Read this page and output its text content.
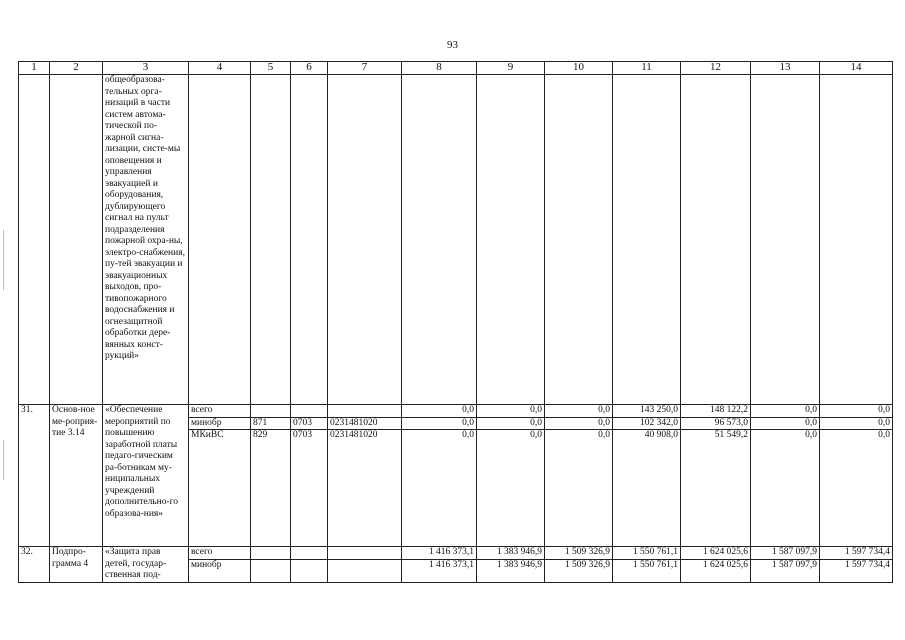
93
1	2	3	4	5	6	7	8	9	10	11	12	13	14
		общеобразова-тельных орга-низаций в части систем автома-тической по-жарной сигна-лизации, систе-мы оповещения и управления эвакуацией и оборудования, дублирующего сигнал на пульт подразделения пожарной охра-ны, электро-снабжения, пу-тей эвакуации и эвакуационных выходов, про-тивопожарного водоснабжения и огнезащитной обработки дере-вянных конст-рукций»											
31.	Основ-ное ме-роприя-тие 3.14	«Обеспечение мероприятий по повышению заработной платы педаго-гическим ра-ботникам му-ниципальных учреждений дополнительно-го образова-ния»	всего				0,0	0,0	0,0	143 250,0	148 122,2	0,0	0,0
			минобр	871	0703	0231481020	0,0	0,0	0,0	102 342,0	96 573,0	0,0	0,0
			МКиВС	829	0703	0231481020	0,0	0,0	0,0	40 908,0	51 549,2	0,0	0,0
32.	Подпро-грамма 4	«Защита прав детей, государ-ственная под-	всего				1 416 373,1	1 383 946,9	1 509 326,9	1 550 761,1	1 624 025,6	1 587 097,9	1 597 734,4
			минобр				1 416 373,1	1 383 946,9	1 509 326,9	1 550 761,1	1 624 025,6	1 587 097,9	1 597 734,4
